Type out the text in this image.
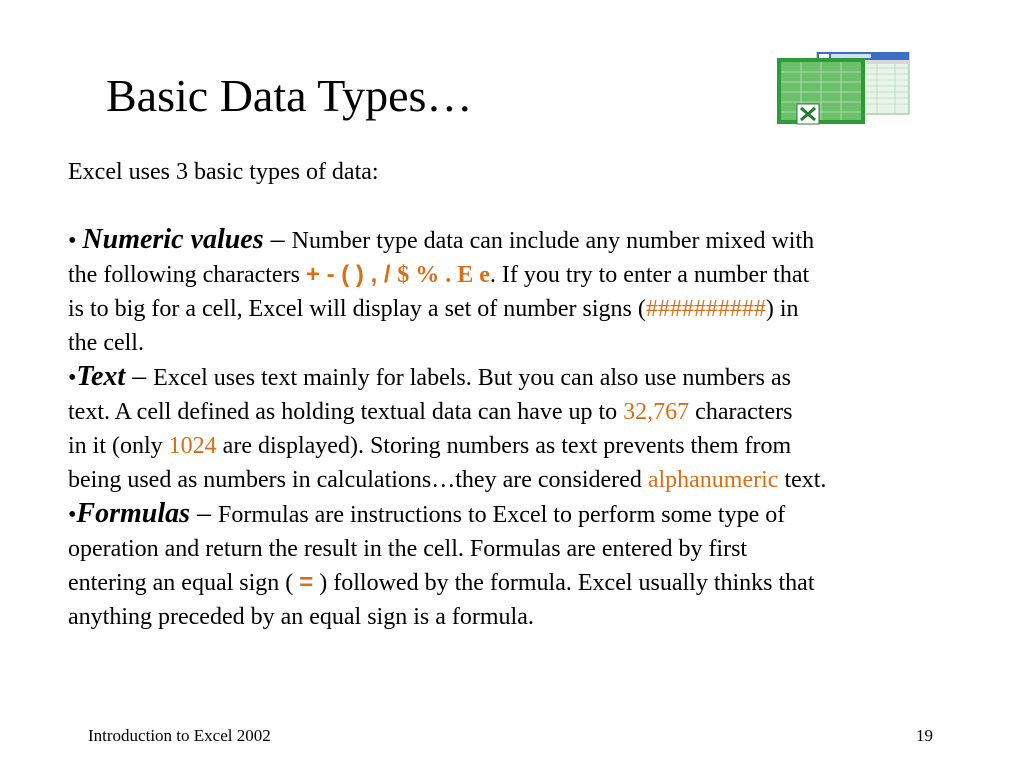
Basic Data Types…

Excel uses 3 basic types of data:

• Numeric values – Number type data can include any number mixed with
the following characters + - ( ) , / $ % . E e. If you try to enter a number that
is to big for a cell, Excel will display a set of number signs (##########) in
the cell.

•Text – Excel uses text mainly for labels. But you can also use numbers as
text. A cell defined as holding textual data can have up to 32,767 characters
in it (only 1024 are displayed). Storing numbers as text prevents them from
being used as numbers in calculations…they are considered alphanumeric text.

•Formulas – Formulas are instructions to Excel to perform some type of
operation and return the result in the cell. Formulas are entered by first
entering an equal sign ( = ) followed by the formula. Excel usually thinks that
anything preceded by an equal sign is a formula.

Introduction to Excel 2002	19
